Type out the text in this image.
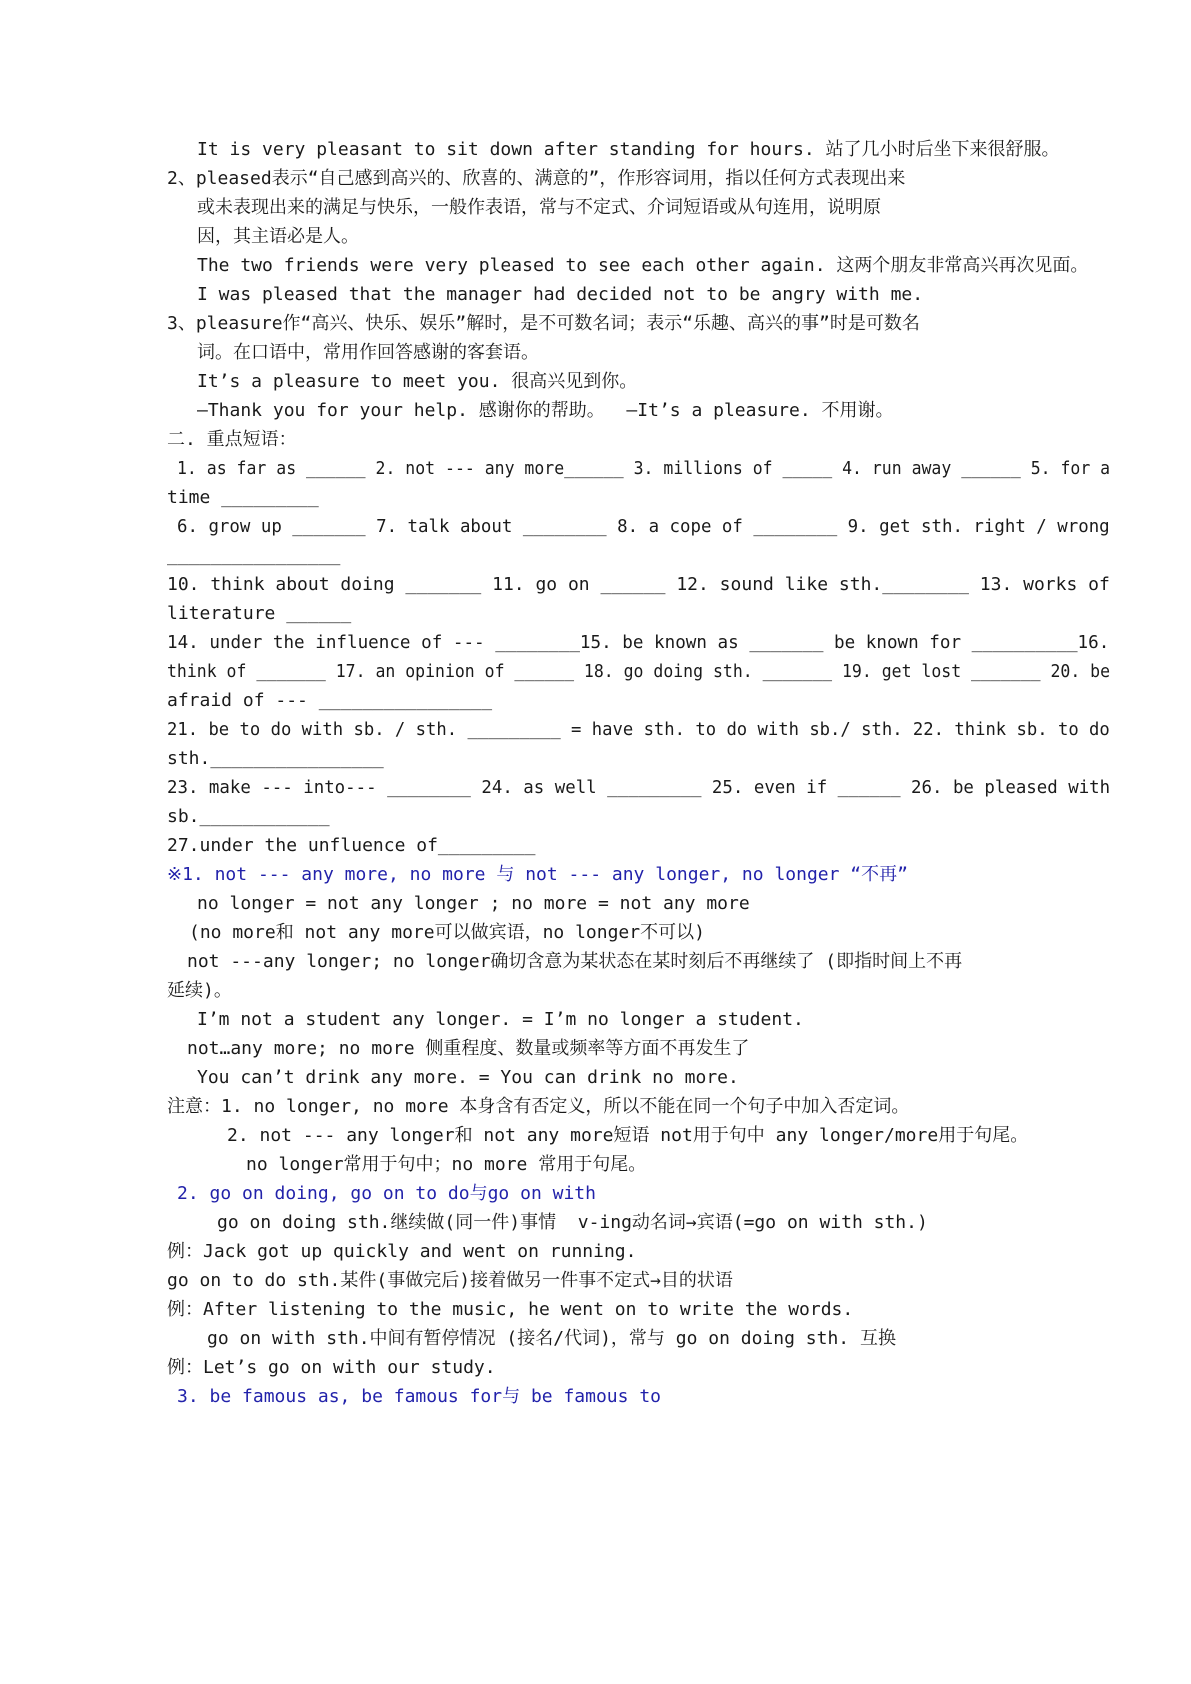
It is very pleasant to sit down after standing for hours. 站了几小时后坐下来很舒服。
2、pleased表示“自己感到高兴的、欣喜的、满意的”，作形容词用，指以任何方式表现出来
或未表现出来的满足与快乐，一般作表语，常与不定式、介词短语或从句连用，说明原
因，其主语必是人。
The two friends were very pleased to see each other again. 这两个朋友非常高兴再次见面。
I was pleased that the manager had decided not to be angry with me.
3、pleasure作“高兴、快乐、娱乐”解时，是不可数名词；表示“乐趣、高兴的事”时是可数名
词。在口语中，常用作回答感谢的客套语。
It’s a pleasure to meet you. 很高兴见到你。
—Thank you for your help. 感谢你的帮助。  —It’s a pleasure. 不用谢。
二. 重点短语：
1. as far as ______ 2. not --- any more______ 3. millions of _____ 4. run away ______ 5. for a
time _________
6. grow up _______ 7. talk about ________ 8. a cope of ________ 9. get sth. right / wrong
________________
10. think about doing _______ 11. go on ______ 12. sound like sth.________ 13. works of
literature ______
14. under the influence of --- ________15. be known as _______ be known for __________16.
think of _______ 17. an opinion of ______ 18. go doing sth. _______ 19. get lost _______ 20. be
afraid of --- ________________
21. be to do with sb. / sth. _________ = have sth. to do with sb./ sth. 22. think sb. to do
sth.________________
23. make --- into--- ________ 24. as well _________ 25. even if ______ 26. be pleased with
sb.____________
27.under the unfluence of_________
※1. not --- any more, no more 与 not --- any longer, no longer “不再”
no longer = not any longer ; no more = not any more
(no more和 not any more可以做宾语，no longer不可以)
not ---any longer; no longer确切含意为某状态在某时刻后不再继续了 (即指时间上不再
延续)。
I’m not a student any longer. = I’m no longer a student.
not…any more; no more 侧重程度、数量或频率等方面不再发生了
You can’t drink any more. = You can drink no more.
注意：1. no longer, no more 本身含有否定义，所以不能在同一个句子中加入否定词。
2. not --- any longer和 not any more短语 not用于句中 any longer/more用于句尾。
no longer常用于句中；no more 常用于句尾。
2. go on doing, go on to do与go on with
go on doing sth.继续做(同一件)事情  v-ing动名词→宾语(=go on with sth.)
例：Jack got up quickly and went on running.
go on to do sth.某件(事做完后)接着做另一件事不定式→目的状语
例：After listening to the music, he went on to write the words.
go on with sth.中间有暂停情况 (接名/代词)，常与 go on doing sth. 互换
例：Let’s go on with our study.
3. be famous as, be famous for与 be famous to
